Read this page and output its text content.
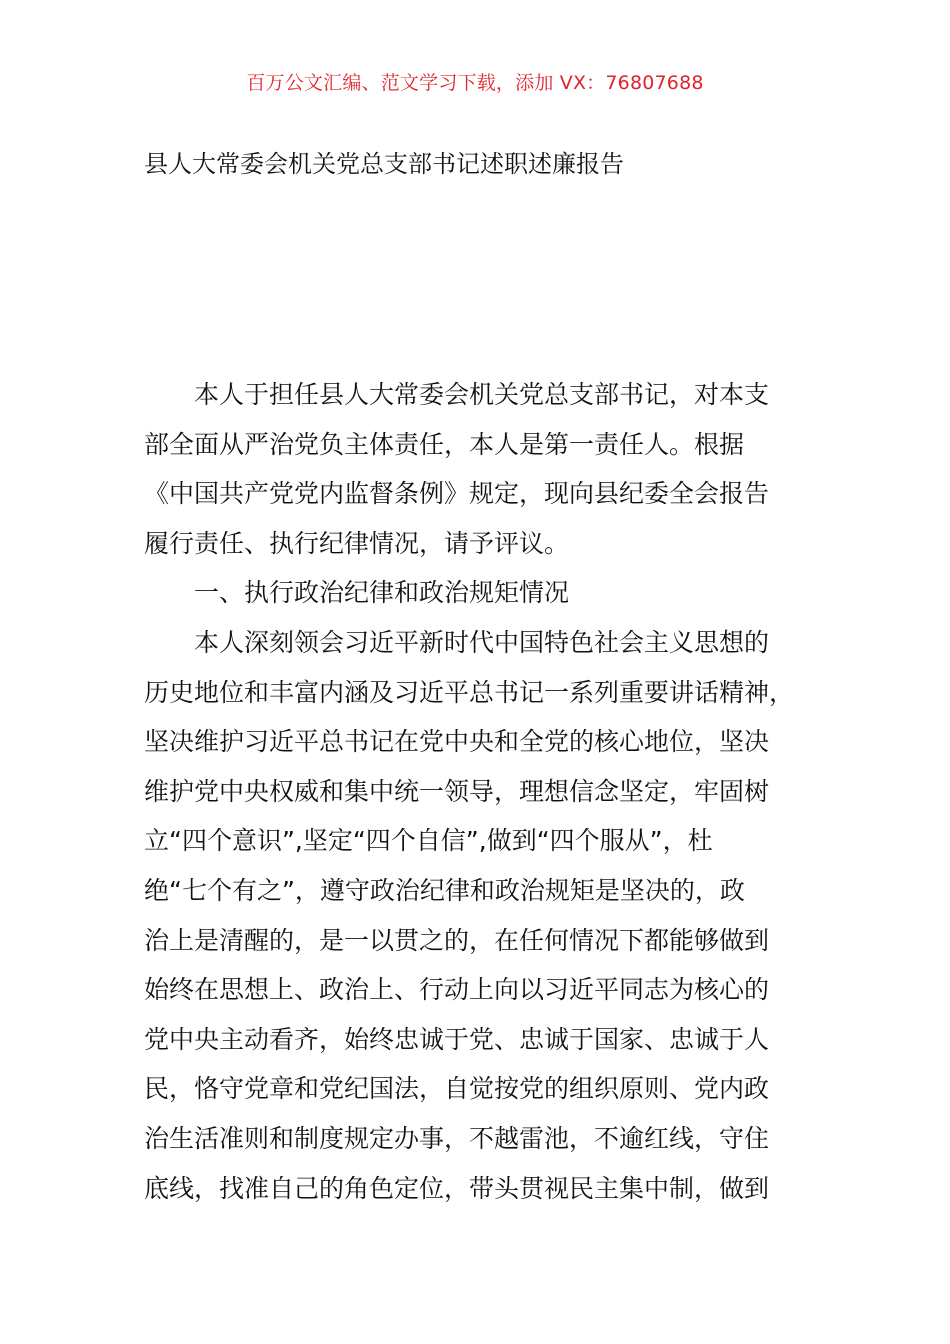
百万公文汇编、范文学习下载，添加 VX：76807688
县人大常委会机关党总支部书记述职述廉报告

本人于担任县人大常委会机关党总支部书记，对本支
部全面从严治党负主体责任，本人是第一责任人。根据
《中国共产党党内监督条例》规定，现向县纪委全会报告
履行责任、执行纪律情况，请予评议。

一、执行政治纪律和政治规矩情况

本人深刻领会习近平新时代中国特色社会主义思想的
历史地位和丰富内涵及习近平总书记一系列重要讲话精神，
坚决维护习近平总书记在党中央和全党的核心地位，坚决
维护党中央权威和集中统一领导，理想信念坚定，牢固树
立“四个意识”,坚定“四个自信”,做到“四个服从”，杜
绝“七个有之”，遵守政治纪律和政治规矩是坚决的，政
治上是清醒的，是一以贯之的，在任何情况下都能够做到
始终在思想上、政治上、行动上向以习近平同志为核心的
党中央主动看齐，始终忠诚于党、忠诚于国家、忠诚于人
民，恪守党章和党纪国法，自觉按党的组织原则、党内政
治生活准则和制度规定办事，不越雷池，不逾红线，守住
底线，找准自己的角色定位，带头贯视民主集中制，做到
